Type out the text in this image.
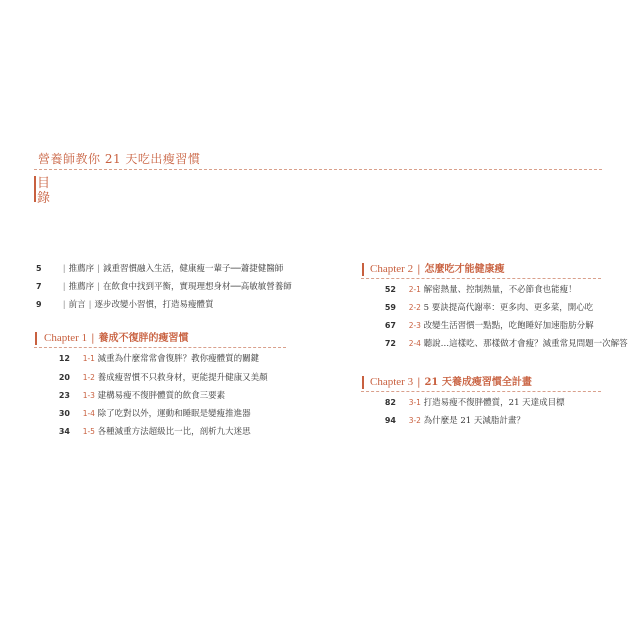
營養師教你 21 天吃出瘦習慣
目錄
5 | 推薦序 | 減重習慣融入生活，健康瘦一輩子──蕭捷健醫師
7 | 推薦序 | 在飲食中找到平衡，實現理想身材──高敏敏營養師
9 | 前言 | 逐步改變小習慣，打造易瘦體質
Chapter 1 | 養成不復胖的瘦習慣
12 1-1 減重為什麼常常會復胖？教你瘦體質的關鍵
20 1-2 養成瘦習慣不只救身材，更能提升健康又美顏
23 1-3 建構易瘦不復胖體質的飲食三要素
30 1-4 除了吃對以外，運動和睡眠是變瘦推進器
34 1-5 各種減重方法超級比一比，剖析九大迷思
Chapter 2 | 怎麼吃才能健康瘦
52 2-1 解密熱量、控制熱量，不必節食也能瘦！
59 2-2 5 要訣提高代謝率：更多肉、更多菜，開心吃
67 2-3 改變生活習慣一點點，吃飽睡好加速脂肪分解
72 2-4 聽說…這樣吃、那樣做才會瘦？減重常見問題一次解答
Chapter 3 | 21 天養成瘦習慣全計畫
82 3-1 打造易瘦不復胖體質，21 天達成目標
94 3-2 為什麼是 21 天減脂計畫？
